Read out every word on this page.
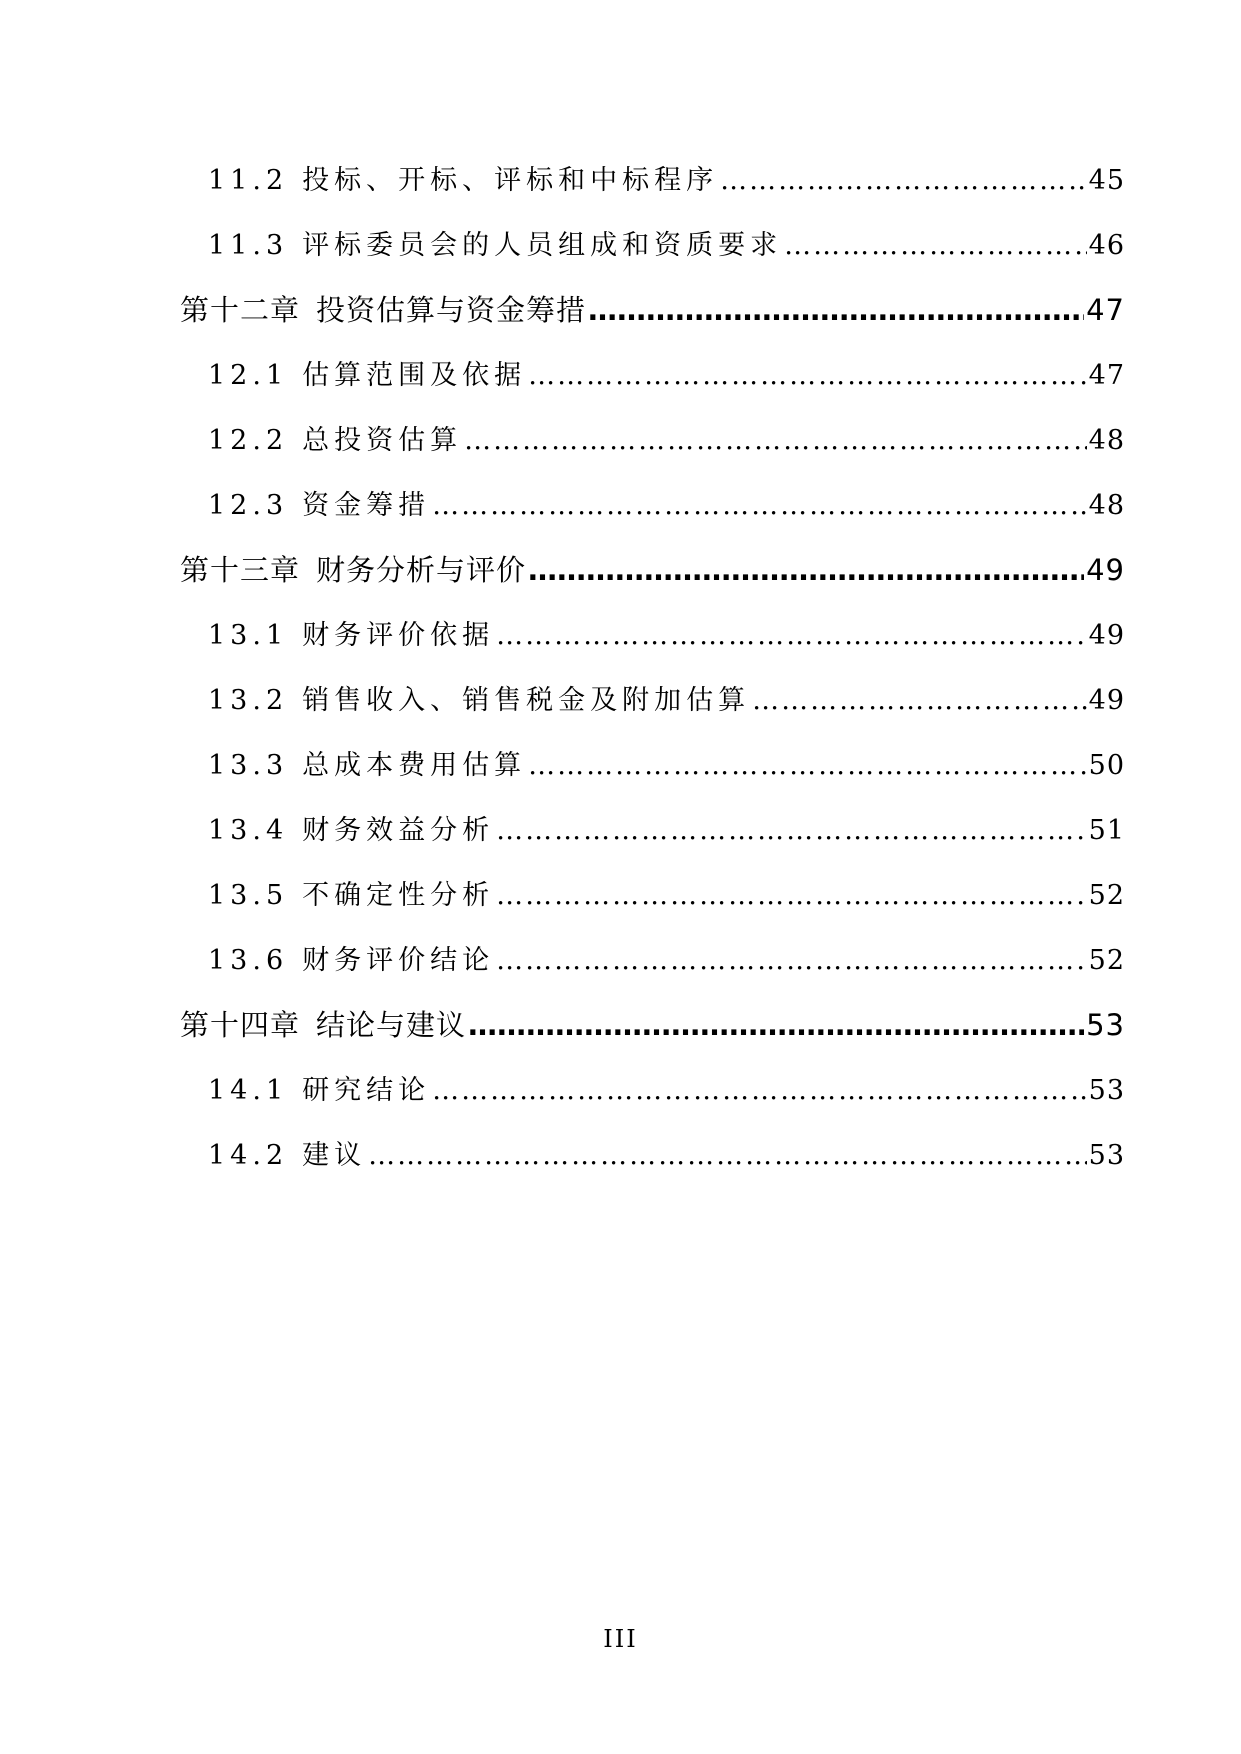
11.2 投标、开标、评标和中标程序 ………………………………………………………………………………………………………………………………	45
11.3 评标委员会的人员组成和资质要求 ………………………………………………………………………………………………………………………………	46
第十二章 投资估算与资金筹措 ………………………………………………………………………………………………………………………………	47
12.1 估算范围及依据 ………………………………………………………………………………………………………………………………	47
12.2 总投资估算 ………………………………………………………………………………………………………………………………	48
12.3 资金筹措 ………………………………………………………………………………………………………………………………	48
第十三章 财务分析与评价 ………………………………………………………………………………………………………………………………	49
13.1 财务评价依据 ………………………………………………………………………………………………………………………………	49
13.2 销售收入、销售税金及附加估算 ………………………………………………………………………………………………………………………………	49
13.3 总成本费用估算 ………………………………………………………………………………………………………………………………	50
13.4 财务效益分析 ………………………………………………………………………………………………………………………………	51
13.5 不确定性分析 ………………………………………………………………………………………………………………………………	52
13.6 财务评价结论 ………………………………………………………………………………………………………………………………	52
第十四章 结论与建议 ………………………………………………………………………………………………………………………………	53
14.1 研究结论 ………………………………………………………………………………………………………………………………	53
14.2 建议 ………………………………………………………………………………………………………………………………	53
III
